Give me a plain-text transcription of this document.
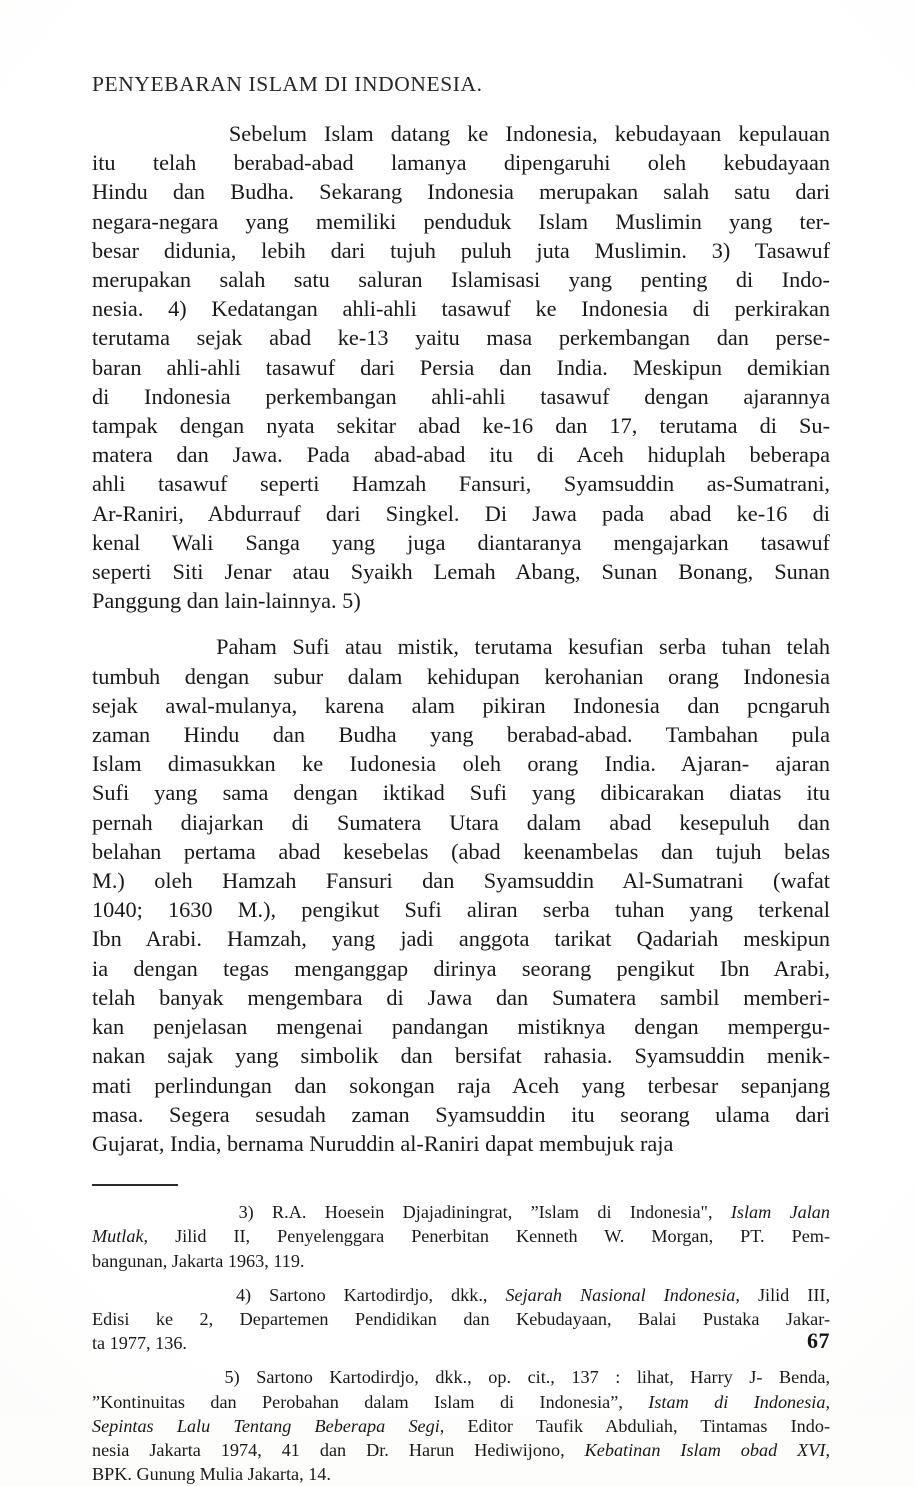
PENYEBARAN ISLAM DI INDONESIA.
Sebelum Islam datang ke Indonesia, kebudayaan kepulauan
itu telah berabad-abad lamanya dipengaruhi oleh kebudayaan
Hindu dan Budha. Sekarang Indonesia merupakan salah satu dari
negara-negara yang memiliki penduduk Islam Muslimin yang ter-
besar didunia, lebih dari tujuh puluh juta Muslimin. 3) Tasawuf
merupakan salah satu saluran Islamisasi yang penting di Indo-
nesia. 4) Kedatangan ahli-ahli tasawuf ke Indonesia di perkirakan
terutama sejak abad ke-13 yaitu masa perkembangan dan perse-
baran ahli-ahli tasawuf dari Persia dan India. Meskipun demikian
di Indonesia perkembangan ahli-ahli tasawuf dengan ajarannya
tampak dengan nyata sekitar abad ke-16 dan 17, terutama di Su-
matera dan Jawa. Pada abad-abad itu di Aceh hiduplah beberapa
ahli tasawuf seperti Hamzah Fansuri, Syamsuddin as-Sumatrani,
Ar-Raniri, Abdurrauf dari Singkel. Di Jawa pada abad ke-16 di
kenal Wali Sanga yang juga diantaranya mengajarkan tasawuf
seperti Siti Jenar atau Syaikh Lemah Abang, Sunan Bonang, Sunan
Panggung dan lain-lainnya. 5)
Paham Sufi atau mistik, terutama kesufian serba tuhan telah
tumbuh dengan subur dalam kehidupan kerohanian orang Indonesia
sejak awal-mulanya, karena alam pikiran Indonesia dan pcngaruh
zaman Hindu dan Budha yang berabad-abad. Tambahan pula
Islam dimasukkan ke Iudonesia oleh orang India. Ajaran- ajaran
Sufi yang sama dengan iktikad Sufi yang dibicarakan diatas itu
pernah diajarkan di Sumatera Utara dalam abad kesepuluh dan
belahan pertama abad kesebelas (abad keenambelas dan tujuh belas
M.) oleh Hamzah Fansuri dan Syamsuddin Al-Sumatrani (wafat
1040; 1630 M.), pengikut Sufi aliran serba tuhan yang terkenal
Ibn Arabi. Hamzah, yang jadi anggota tarikat Qadariah meskipun
ia dengan tegas menganggap dirinya seorang pengikut Ibn Arabi,
telah banyak mengembara di Jawa dan Sumatera sambil memberi-
kan penjelasan mengenai pandangan mistiknya dengan mempergu-
nakan sajak yang simbolik dan bersifat rahasia. Syamsuddin menik-
mati perlindungan dan sokongan raja Aceh yang terbesar sepanjang
masa. Segera sesudah zaman Syamsuddin itu seorang ulama dari
Gujarat, India, bernama Nuruddin al-Raniri dapat membujuk raja
3) R.A. Hoesein Djajadiningrat, ”Islam di Indonesia", Islam Jalan
Mutlak, Jilid II, Penyelenggara Penerbitan Kenneth W. Morgan, PT. Pem-
bangunan, Jakarta 1963, 119.
4) Sartono Kartodirdjo, dkk., Sejarah Nasional Indonesia, Jilid III,
Edisi ke 2, Departemen Pendidikan dan Kebudayaan, Balai Pustaka Jakar-
ta 1977, 136.
5) Sartono Kartodirdjo, dkk., op. cit., 137 : lihat, Harry J- Benda,
”Kontinuitas dan Perobahan dalam Islam di Indonesia”, Istam di Indonesia,
Sepintas Lalu Tentang Beberapa Segi, Editor Taufik Abduliah, Tintamas Indo-
nesia Jakarta 1974, 41 dan Dr. Harun Hediwijono, Kebatinan Islam obad XVI,
BPK. Gunung Mulia Jakarta, 14.
67
